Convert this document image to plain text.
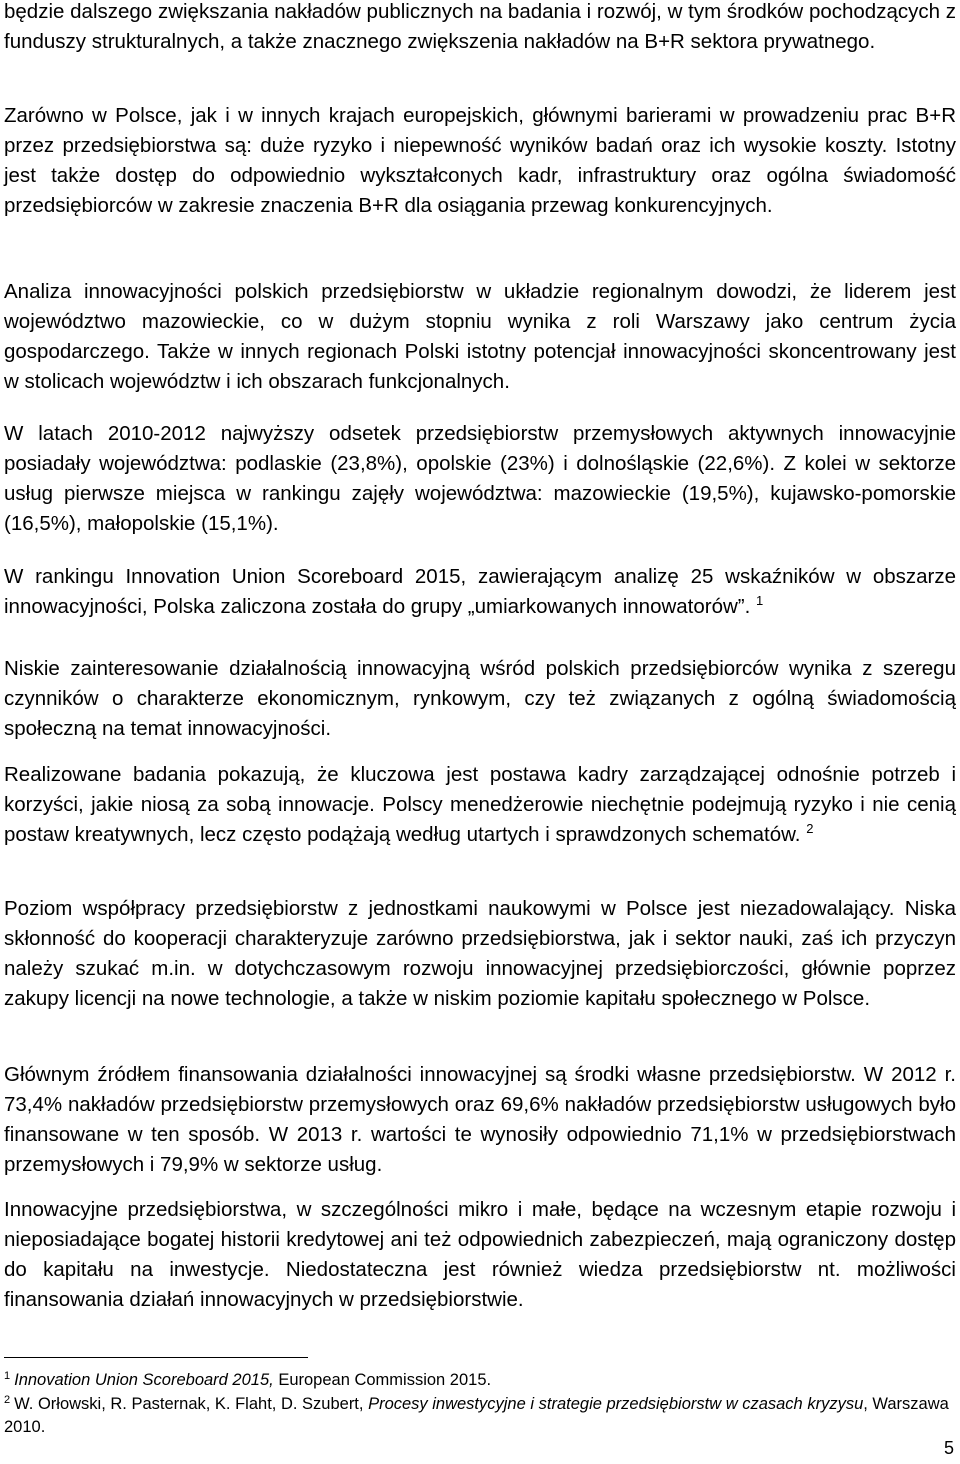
będzie dalszego zwiększania nakładów publicznych na badania i rozwój, w tym środków pochodzących z funduszy strukturalnych, a także znacznego zwiększenia nakładów na B+R sektora prywatnego.

Zarówno w Polsce, jak i w innych krajach europejskich, głównymi barierami w prowadzeniu prac B+R przez przedsiębiorstwa są: duże ryzyko i niepewność wyników badań oraz ich wysokie koszty. Istotny jest także dostęp do odpowiednio wykształconych kadr, infrastruktury oraz ogólna świadomość przedsiębiorców w zakresie znaczenia B+R dla osiągania przewag konkurencyjnych.

Analiza innowacyjności polskich przedsiębiorstw w układzie regionalnym dowodzi, że liderem jest województwo mazowieckie, co w dużym stopniu wynika z roli Warszawy jako centrum życia gospodarczego. Także w innych regionach Polski istotny potencjał innowacyjności skoncentrowany jest w stolicach województw i ich obszarach funkcjonalnych.

W latach 2010-2012 najwyższy odsetek przedsiębiorstw przemysłowych aktywnych innowacyjnie posiadały województwa: podlaskie (23,8%), opolskie (23%) i dolnośląskie (22,6%). Z kolei w sektorze usług pierwsze miejsca w rankingu zajęły województwa: mazowieckie (19,5%), kujawsko-pomorskie (16,5%), małopolskie (15,1%).

W rankingu Innovation Union Scoreboard 2015, zawierającym analizę 25 wskaźników w obszarze innowacyjności, Polska zaliczona została do grupy „umiarkowanych innowatorów”. $^1$

Niskie zainteresowanie działalnością innowacyjną wśród polskich przedsiębiorców wynika z szeregu czynników o charakterze ekonomicznym, rynkowym, czy też związanych z ogólną świadomością społeczną na temat innowacyjności.

Realizowane badania pokazują, że kluczowa jest postawa kadry zarządzającej odnośnie potrzeb i korzyści, jakie niosą za sobą innowacje. Polscy menedżerowie niechętnie podejmują ryzyko i nie cenią postaw kreatywnych, lecz często podążają według utartych i sprawdzonych schematów. $^2$

Poziom współpracy przedsiębiorstw z jednostkami naukowymi w Polsce jest niezadowalający. Niska skłonność do kooperacji charakteryzuje zarówno przedsiębiorstwa, jak i sektor nauki, zaś ich przyczyn należy szukać m.in. w dotychczasowym rozwoju innowacyjnej przedsiębiorczości, głównie poprzez zakupy licencji na nowe technologie, a także w niskim poziomie kapitału społecznego w Polsce.

Głównym źródłem finansowania działalności innowacyjnej są środki własne przedsiębiorstw. W 2012 r. 73,4% nakładów przedsiębiorstw przemysłowych oraz 69,6% nakładów przedsiębiorstw usługowych było finansowane w ten sposób. W 2013 r. wartości te wynosiły odpowiednio 71,1% w przedsiębiorstwach przemysłowych i 79,9% w sektorze usług.

Innowacyjne przedsiębiorstwa, w szczególności mikro i małe, będące na wczesnym etapie rozwoju i nieposiadające bogatej historii kredytowej ani też odpowiednich zabezpieczeń, mają ograniczony dostęp do kapitału na inwestycje. Niedostateczna jest również wiedza przedsiębiorstw nt. możliwości finansowania działań innowacyjnych w przedsiębiorstwie.

$^1$ Innovation Union Scoreboard 2015, European Commission 2015.

$^2$ W. Orłowski, R. Pasternak, K. Flaht, D. Szubert, Procesy inwestycyjne i strategie przedsiębiorstw w czasach kryzysu, Warszawa 2010.

5
